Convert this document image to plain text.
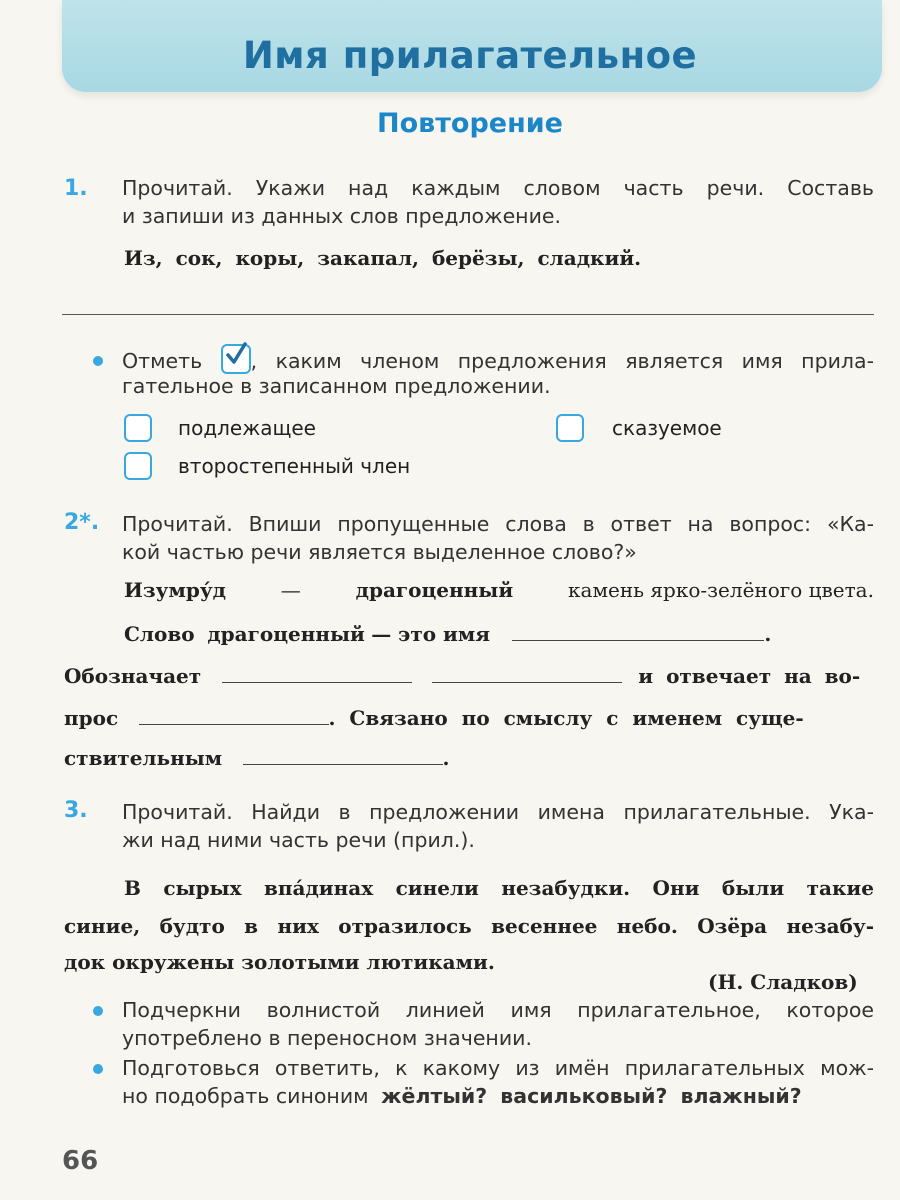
Имя прилагательное
Повторение
1. Прочитай. Укажи над каждым словом часть речи. Составь
и запиши из данных слов предложение.
Из, сок, коры, закапал, берёзы, сладкий.
Отметь , каким членом предложения является имя прила-
гательное в записанном предложении.
подлежащее	сказуемое
второстепенный член
2*. Прочитай. Впиши пропущенные слова в ответ на вопрос: «Ка-
кой частью речи является выделенное слово?»
Изумру́д	—	драгоценный	камень ярко-зелёного цвета.
Слово драгоценный — это имя	.
Обозначает	и отвечает на во-
прос	. Связано по смыслу с именем суще-
ствительным	.
3. Прочитай. Найди в предложении имена прилагательные. Ука-
жи над ними часть речи (прил.).
В сырых впа́динах синели незабудки. Они были такие
синие, будто в них отразилось весеннее небо. Озёра незабу-
док окружены золотыми лютиками.
(Н. Сладков)
Подчеркни волнистой линией имя прилагательное, которое
употреблено в переносном значении.
Подготовься ответить, к какому из имён прилагательных мож-
но подобрать синоним жёлтый? васильковый? влажный?
66
